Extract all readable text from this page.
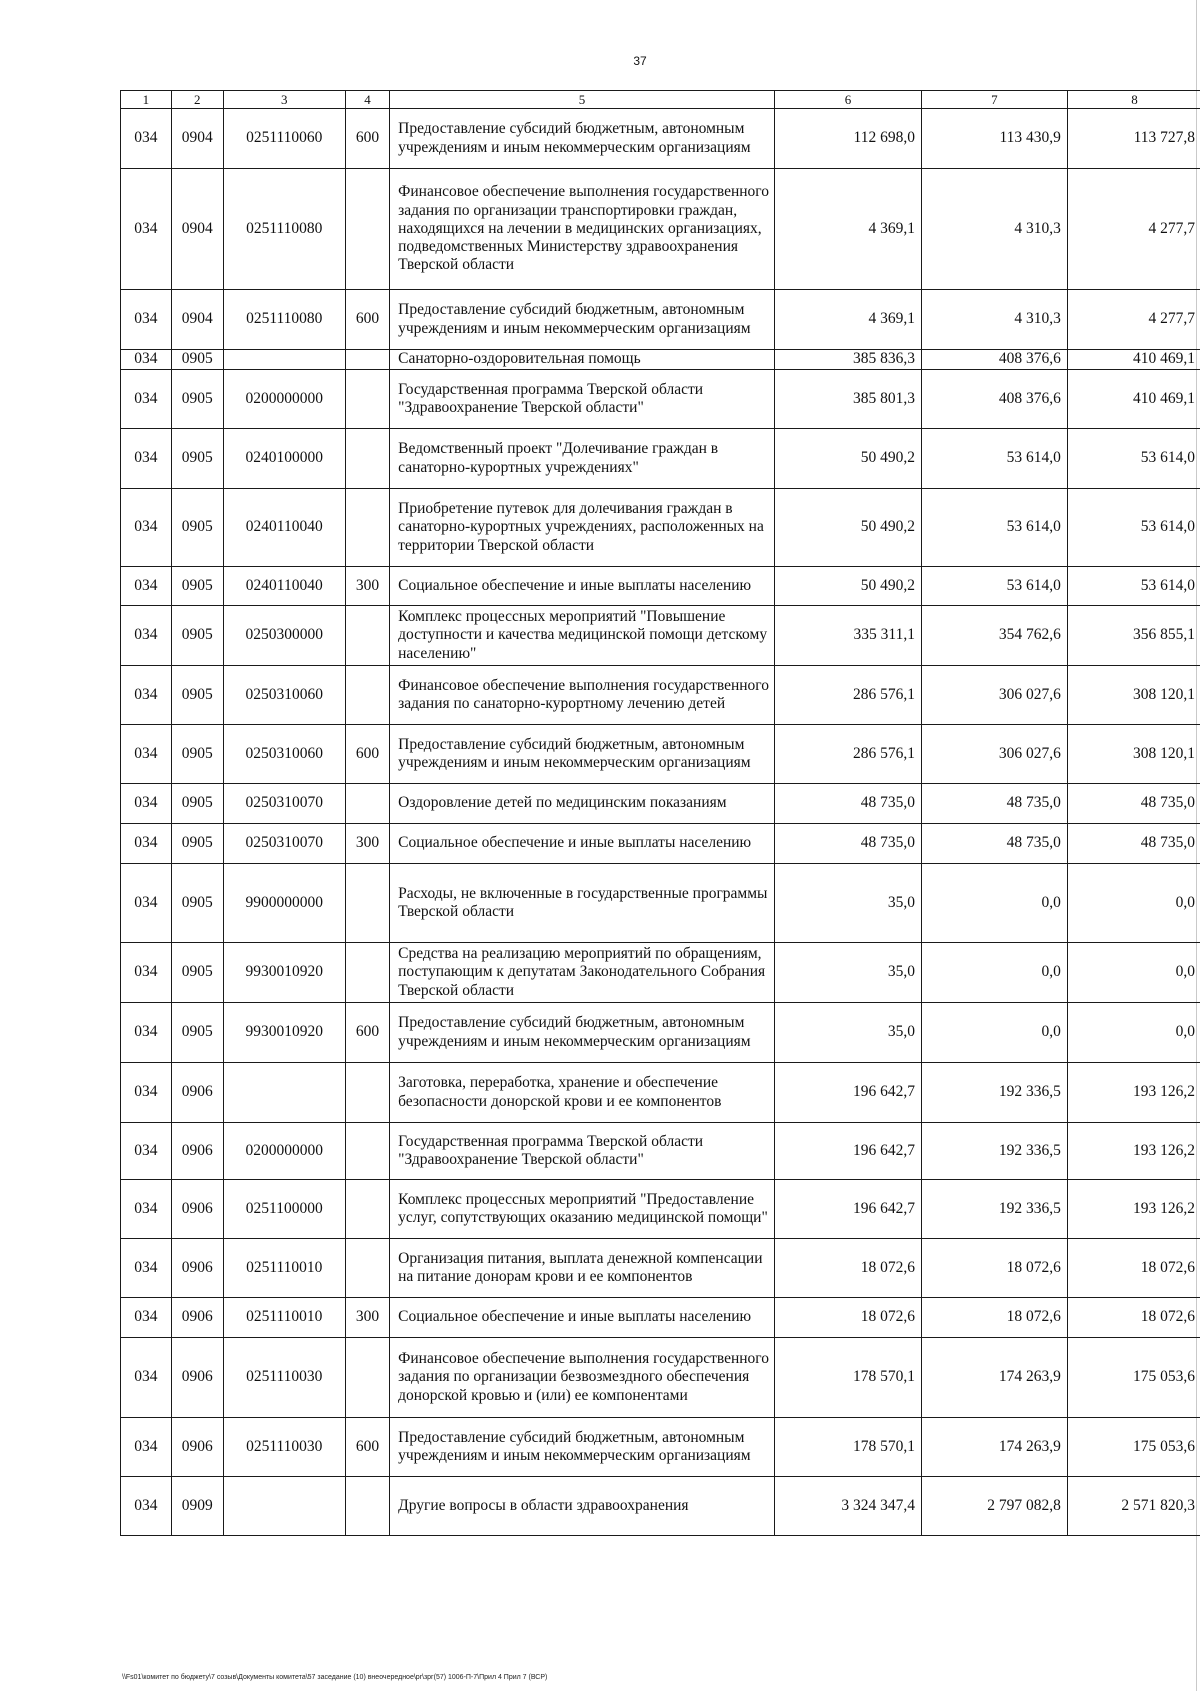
37
1	2	3	4	5	6	7	8
034	0904	0251110060	600	Предоставление субсидий бюджетным, автономным учреждениям и иным некоммерческим организациям	112 698,0	113 430,9	113 727,8
034	0904	0251110080		Финансовое обеспечение выполнения государственного задания по организации транспортировки граждан, находящихся на лечении в медицинских организациях, подведомственных Министерству здравоохранения Тверской области	4 369,1	4 310,3	4 277,7
034	0904	0251110080	600	Предоставление субсидий бюджетным, автономным учреждениям и иным некоммерческим организациям	4 369,1	4 310,3	4 277,7
034	0905			Санаторно-оздоровительная помощь	385 836,3	408 376,6	410 469,1
034	0905	0200000000		Государственная программа Тверской области "Здравоохранение Тверской области"	385 801,3	408 376,6	410 469,1
034	0905	0240100000		Ведомственный проект "Долечивание граждан в санаторно-курортных учреждениях"	50 490,2	53 614,0	53 614,0
034	0905	0240110040		Приобретение путевок для долечивания граждан в санаторно-курортных учреждениях, расположенных на территории Тверской области	50 490,2	53 614,0	53 614,0
034	0905	0240110040	300	Социальное обеспечение и иные выплаты населению	50 490,2	53 614,0	53 614,0
034	0905	0250300000		Комплекс процессных мероприятий "Повышение доступности и качества медицинской помощи детскому населению"	335 311,1	354 762,6	356 855,1
034	0905	0250310060		Финансовое обеспечение выполнения государственного задания по санаторно-курортному лечению детей	286 576,1	306 027,6	308 120,1
034	0905	0250310060	600	Предоставление субсидий бюджетным, автономным учреждениям и иным некоммерческим организациям	286 576,1	306 027,6	308 120,1
034	0905	0250310070		Оздоровление детей по медицинским показаниям	48 735,0	48 735,0	48 735,0
034	0905	0250310070	300	Социальное обеспечение и иные выплаты населению	48 735,0	48 735,0	48 735,0
034	0905	9900000000		Расходы, не включенные в государственные программы Тверской области	35,0	0,0	0,0
034	0905	9930010920		Средства на реализацию мероприятий по обращениям, поступающим к депутатам Законодательного Собрания Тверской области	35,0	0,0	0,0
034	0905	9930010920	600	Предоставление субсидий бюджетным, автономным учреждениям и иным некоммерческим организациям	35,0	0,0	0,0
034	0906			Заготовка, переработка, хранение и обеспечение безопасности донорской крови и ее компонентов	196 642,7	192 336,5	193 126,2
034	0906	0200000000		Государственная программа Тверской области "Здравоохранение Тверской области"	196 642,7	192 336,5	193 126,2
034	0906	0251100000		Комплекс процессных мероприятий "Предоставление услуг, сопутствующих оказанию медицинской помощи"	196 642,7	192 336,5	193 126,2
034	0906	0251110010		Организация питания, выплата денежной компенсации на питание донорам крови и ее компонентов	18 072,6	18 072,6	18 072,6
034	0906	0251110010	300	Социальное обеспечение и иные выплаты населению	18 072,6	18 072,6	18 072,6
034	0906	0251110030		Финансовое обеспечение выполнения государственного задания по организации безвозмездного обеспечения донорской кровью и (или) ее компонентами	178 570,1	174 263,9	175 053,6
034	0906	0251110030	600	Предоставление субсидий бюджетным, автономным учреждениям и иным некоммерческим организациям	178 570,1	174 263,9	175 053,6
034	0909			Другие вопросы в области здравоохранения	3 324 347,4	2 797 082,8	2 571 820,3
\\Fs01\комитет по бюджету\7 созыв\Документы комитета\57 заседание (10) внеочередное\pr\зрг(57) 1006-П-7\Прил 4 Прил 7 (ВСР)
